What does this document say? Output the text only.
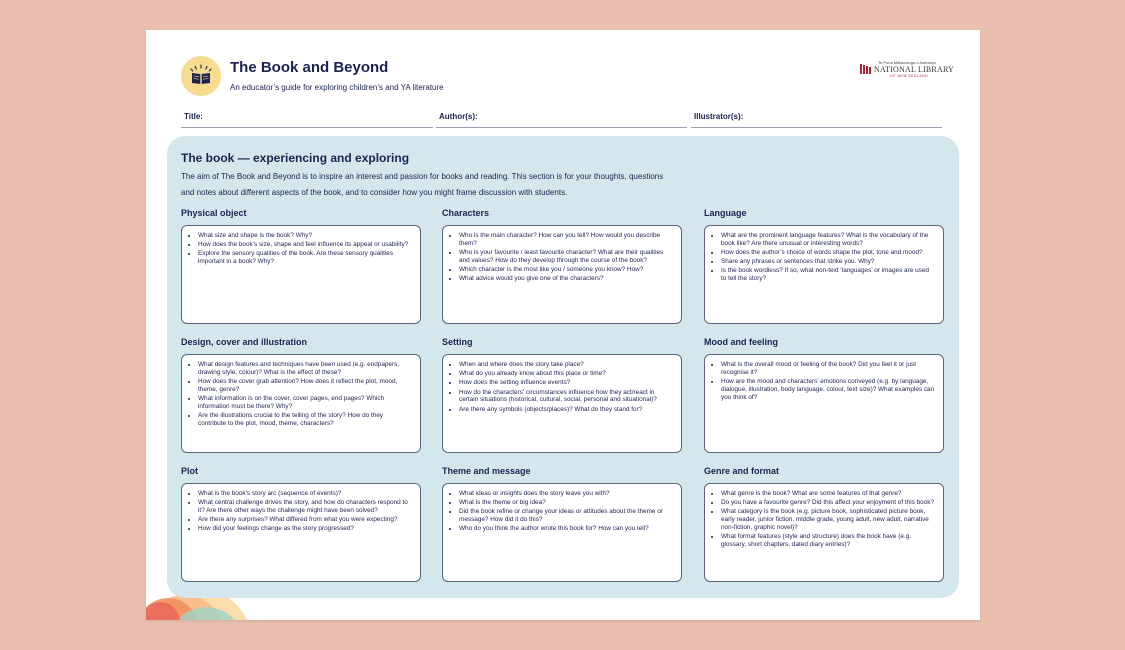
The Book and Beyond
An educator’s guide for exploring children’s and YA literature
Te Puna Mātauranga o Aotearoa
NATIONAL LIBRARY
OF NEW ZEALAND
Title:	Author(s):	Illustrator(s):
The book — experiencing and exploring
The aim of The Book and Beyond is to inspire an interest and passion for books and reading. This section is for your thoughts, questions and notes about different aspects of the book, and to consider how you might frame discussion with students.
Physical object
• What size and shape is the book? Why?
• How does the book’s size, shape and feel influence its appeal or usability?
• Explore the sensory qualities of the book. Are these sensory qualities important in a book? Why?
Characters
• Who is the main character? How can you tell? How would you describe them?
• Who is your favourite / least favourite character? What are their qualities and values? How do they develop through the course of the book?
• Which character is the most like you / someone you know? How?
• What advice would you give one of the characters?
Language
• What are the prominent language features? What is the vocabulary of the book like? Are there unusual or interesting words?
• How does the author’s choice of words shape the plot, tone and mood?
• Share any phrases or sentences that strike you. Why?
• Is the book wordless? If so, what non-text ‘languages’ or images are used to tell the story?
Design, cover and illustration
• What design features and techniques have been used (e.g. endpapers, drawing style, colour)? What is the effect of these?
• How does the cover grab attention? How does it reflect the plot, mood, theme, genre?
• What information is on the cover, cover pages, end pages? Which information must be there? Why?
• Are the illustrations crucial to the telling of the story? How do they contribute to the plot, mood, theme, characters?
Setting
• When and where does the story take place?
• What do you already know about this place or time?
• How does the setting influence events?
• How do the characters’ circumstances influence how they act/react in certain situations (historical, cultural, social, personal and situational)?
• Are there any symbols (objects/places)? What do they stand for?
Mood and feeling
• What is the overall mood or feeling of the book? Did you feel it or just recognise it?
• How are the mood and characters’ emotions conveyed (e.g. by language, dialogue, illustration, body language, colour, text size)? What examples can you think of?
Plot
• What is the book’s story arc (sequence of events)?
• What central challenge drives the story, and how do characters respond to it? Are there other ways the challenge might have been solved?
• Are there any surprises? What differed from what you were expecting?
• How did your feelings change as the story progressed?
Theme and message
• What ideas or insights does the story leave you with?
• What is the theme or big idea?
• Did the book refine or change your ideas or attitudes about the theme or message? How did it do this?
• Who do you think the author wrote this book for? How can you tell?
Genre and format
• What genre is the book? What are some features of that genre?
• Do you have a favourite genre? Did this affect your enjoyment of this book?
• What category is the book (e.g. picture book, sophisticated picture book, early reader, junior fiction, middle grade, young adult, new adult, narrative non-fiction, graphic novel)?
• What format features (style and structure) does the book have (e.g. glossary, short chapters, dated diary entries)?
